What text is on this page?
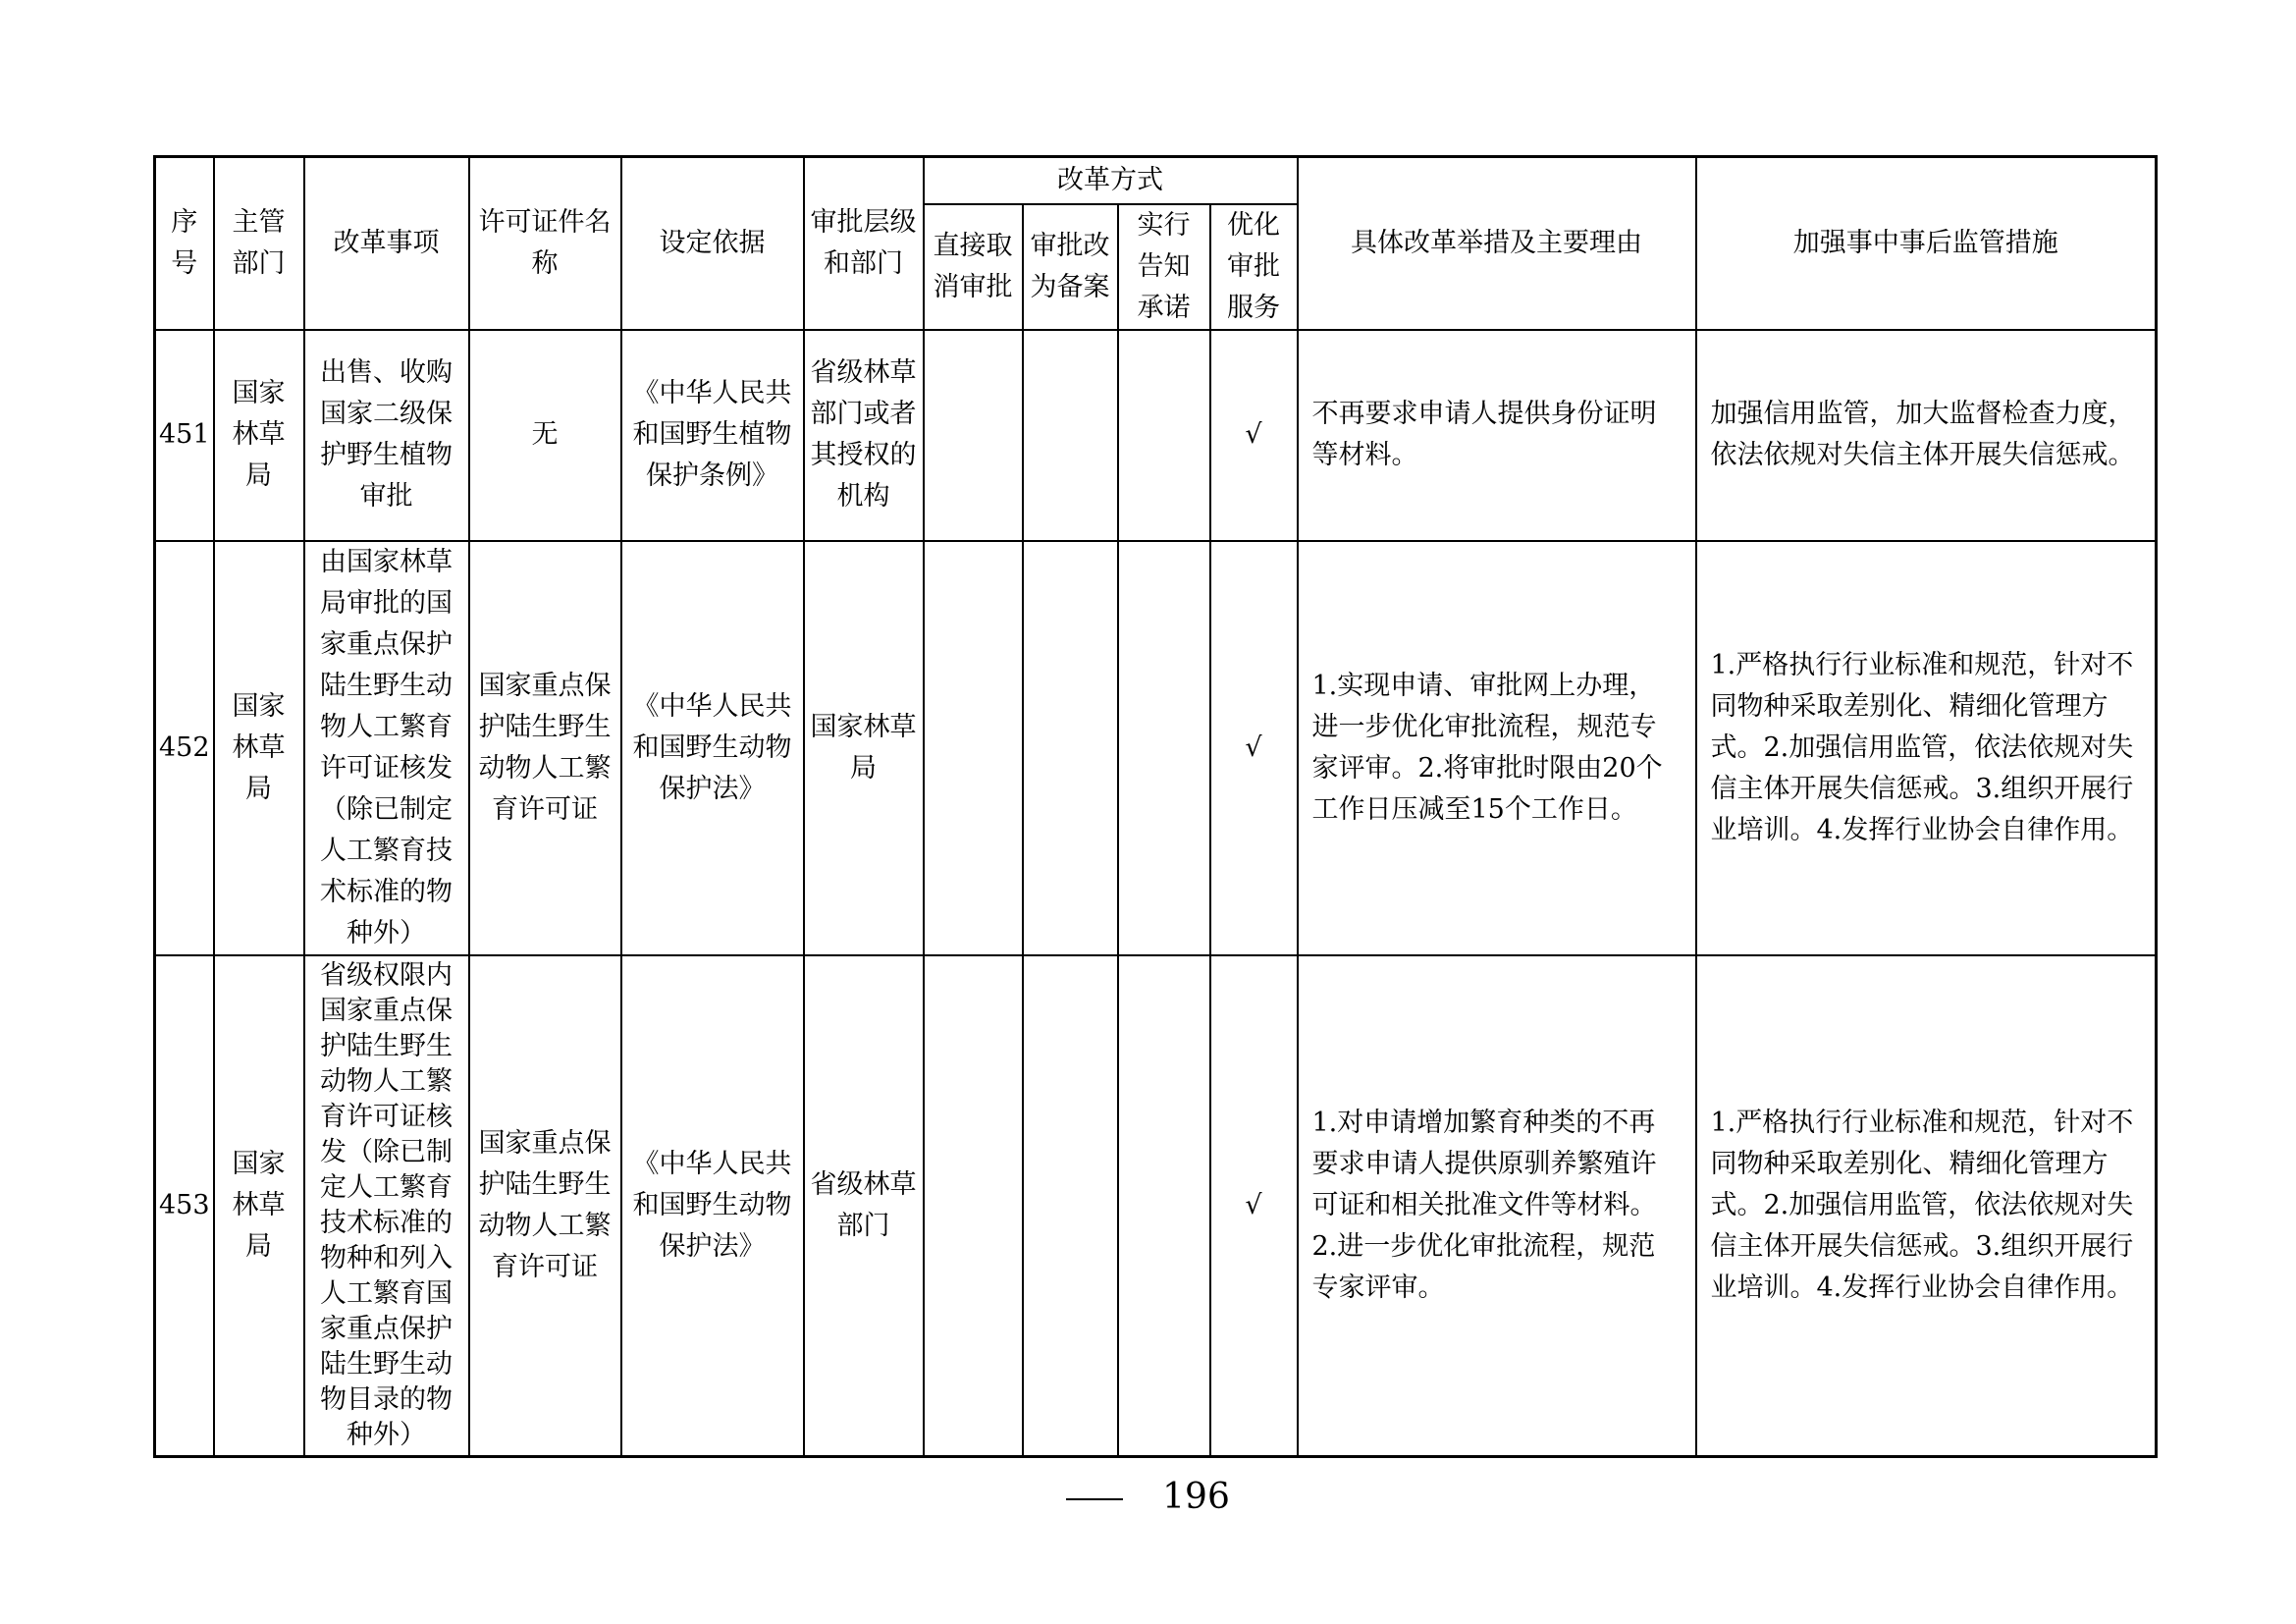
序号	主管部门	改革事项	许可证件名称	设定依据	审批层级和部门	改革方式				具体改革举措及主要理由	加强事中事后监管措施
						直接取消审批	审批改为备案	实行告知承诺	优化审批服务		
451	国家林草局	出售、收购国家二级保护野生植物审批	无	《中华人民共和国野生植物保护条例》	省级林草部门或者其授权的机构				√	不再要求申请人提供身份证明等材料。	加强信用监管，加大监督检查力度，依法依规对失信主体开展失信惩戒。
452	国家林草局	由国家林草局审批的国家重点保护陆生野生动物人工繁育许可证核发（除已制定人工繁育技术标准的物种外）	国家重点保护陆生野生动物人工繁育许可证	《中华人民共和国野生动物保护法》	国家林草局				√	1.实现申请、审批网上办理，进一步优化审批流程，规范专家评审。2.将审批时限由20个工作日压减至15个工作日。	1.严格执行行业标准和规范，针对不同物种采取差别化、精细化管理方式。2.加强信用监管，依法依规对失信主体开展失信惩戒。3.组织开展行业培训。4.发挥行业协会自律作用。
453	国家林草局	省级权限内国家重点保护陆生野生动物人工繁育许可证核发（除已制定人工繁育技术标准的物种和列入人工繁育国家重点保护陆生野生动物目录的物种外）	国家重点保护陆生野生动物人工繁育许可证	《中华人民共和国野生动物保护法》	省级林草部门				√	1.对申请增加繁育种类的不再要求申请人提供原驯养繁殖许可证和相关批准文件等材料。2.进一步优化审批流程，规范专家评审。	1.严格执行行业标准和规范，针对不同物种采取差别化、精细化管理方式。2.加强信用监管，依法依规对失信主体开展失信惩戒。3.组织开展行业培训。4.发挥行业协会自律作用。
196
